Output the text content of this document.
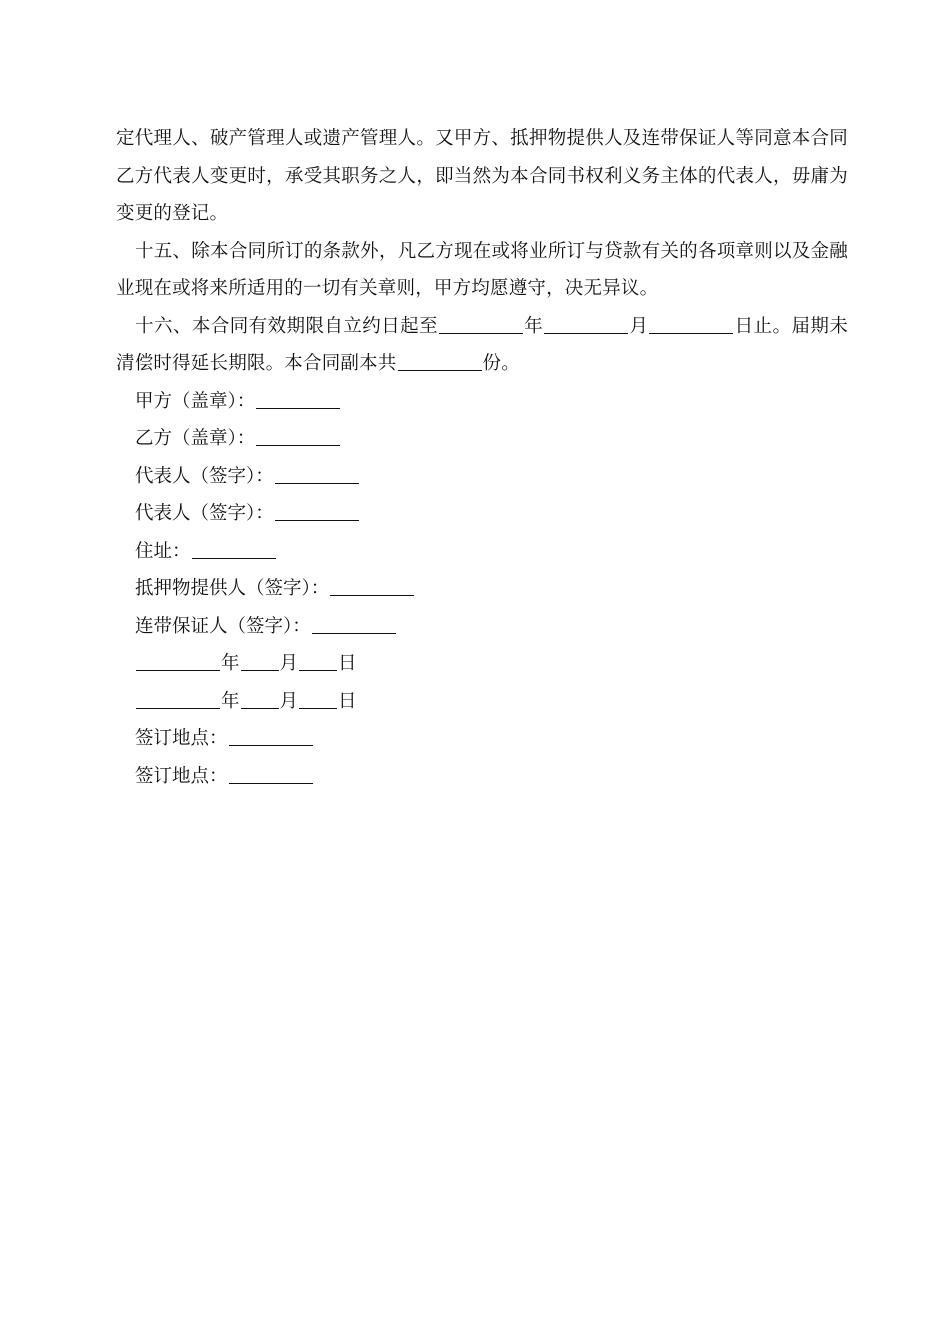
定代理人、破产管理人或遗产管理人。又甲方、抵押物提供人及连带保证人等同意本合同乙方代表人变更时，承受其职务之人，即当然为本合同书权利义务主体的代表人，毋庸为变更的登记。

十五、除本合同所订的条款外，凡乙方现在或将业所订与贷款有关的各项章则以及金融业现在或将来所适用的一切有关章则，甲方均愿遵守，决无异议。

十六、本合同有效期限自立约日起至	年	月	日止。届期未清偿时得延长期限。本合同副本共	份。

甲方（盖章）：

乙方（盖章）：

代表人（签字）：

代表人（签字）：

住址：

抵押物提供人（签字）：

连带保证人（签字）：

年 月 日

年 月 日

签订地点：

签订地点：
